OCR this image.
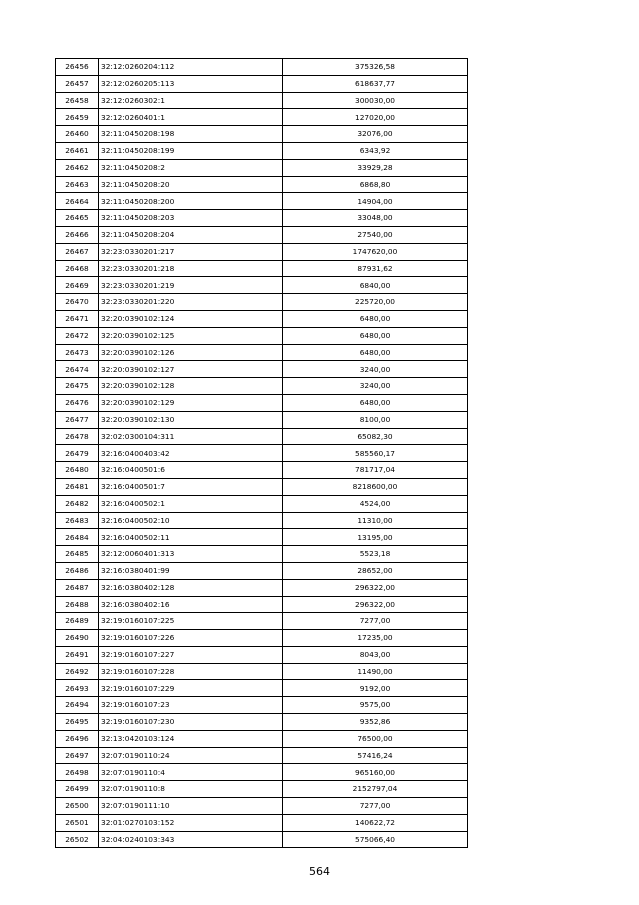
26456	32:12:0260204:112	375326,58
26457	32:12:0260205:113	618637,77
26458	32:12:0260302:1	300030,00
26459	32:12:0260401:1	127020,00
26460	32:11:0450208:198	32076,00
26461	32:11:0450208:199	6343,92
26462	32:11:0450208:2	33929,28
26463	32:11:0450208:20	6868,80
26464	32:11:0450208:200	14904,00
26465	32:11:0450208:203	33048,00
26466	32:11:0450208:204	27540,00
26467	32:23:0330201:217	1747620,00
26468	32:23:0330201:218	87931,62
26469	32:23:0330201:219	6840,00
26470	32:23:0330201:220	225720,00
26471	32:20:0390102:124	6480,00
26472	32:20:0390102:125	6480,00
26473	32:20:0390102:126	6480,00
26474	32:20:0390102:127	3240,00
26475	32:20:0390102:128	3240,00
26476	32:20:0390102:129	6480,00
26477	32:20:0390102:130	8100,00
26478	32:02:0300104:311	65082,30
26479	32:16:0400403:42	585560,17
26480	32:16:0400501:6	781717,04
26481	32:16:0400501:7	8218600,00
26482	32:16:0400502:1	4524,00
26483	32:16:0400502:10	11310,00
26484	32:16:0400502:11	13195,00
26485	32:12:0060401:313	5523,18
26486	32:16:0380401:99	28652,00
26487	32:16:0380402:128	296322,00
26488	32:16:0380402:16	296322,00
26489	32:19:0160107:225	7277,00
26490	32:19:0160107:226	17235,00
26491	32:19:0160107:227	8043,00
26492	32:19:0160107:228	11490,00
26493	32:19:0160107:229	9192,00
26494	32:19:0160107:23	9575,00
26495	32:19:0160107:230	9352,86
26496	32:13:0420103:124	76500,00
26497	32:07:0190110:24	57416,24
26498	32:07:0190110:4	965160,00
26499	32:07:0190110:8	2152797,04
26500	32:07:0190111:10	7277,00
26501	32:01:0270103:152	140622,72
26502	32:04:0240103:343	575066,40
564
